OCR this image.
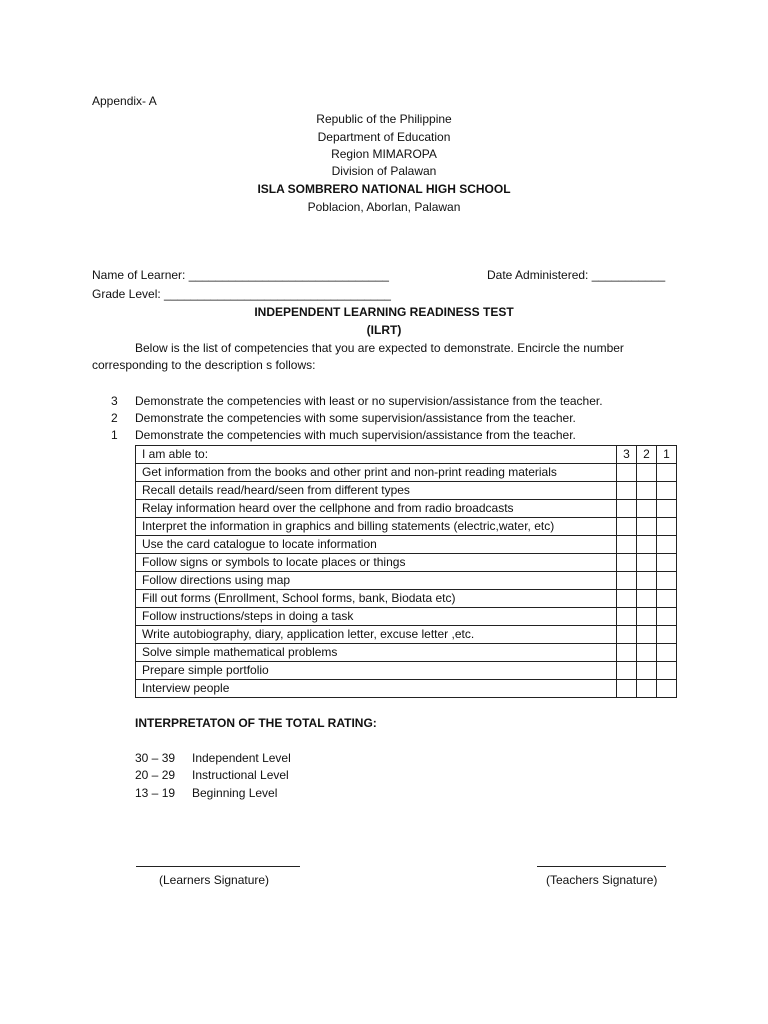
Appendix- A
Republic of the Philippine
Department of Education
Region MIMAROPA
Division of Palawan
ISLA SOMBRERO NATIONAL HIGH SCHOOL
Poblacion, Aborlan, Palawan
Name of Learner: ______________________________	Date Administered: ___________
Grade Level: __________________________________
INDEPENDENT LEARNING READINESS TEST
(ILRT)
Below is the list of competencies that you are expected to demonstrate. Encircle the number
corresponding to the description s follows:
3 Demonstrate the competencies with least or no supervision/assistance from the teacher.
2 Demonstrate the competencies with some supervision/assistance from the teacher.
1 Demonstrate the competencies with much supervision/assistance from the teacher.
I am able to:	3	2	1
Get information from the books and other print and non-print reading materials			
Recall details read/heard/seen from different types			
Relay information heard over the cellphone and from radio broadcasts			
Interpret the information in graphics and billing statements (electric,water, etc)			
Use the card catalogue to locate information			
Follow signs or symbols to locate places or things			
Follow directions using map			
Fill out forms (Enrollment, School forms, bank, Biodata etc)			
Follow instructions/steps in doing a task			
Write autobiography, diary, application letter, excuse letter ,etc.			
Solve simple mathematical problems			
Prepare simple portfolio			
Interview people			
INTERPRETATON OF THE TOTAL RATING:
30 – 39 Independent Level
20 – 29 Instructional Level
13 – 19 Beginning Level
(Learners Signature)	(Teachers Signature)
